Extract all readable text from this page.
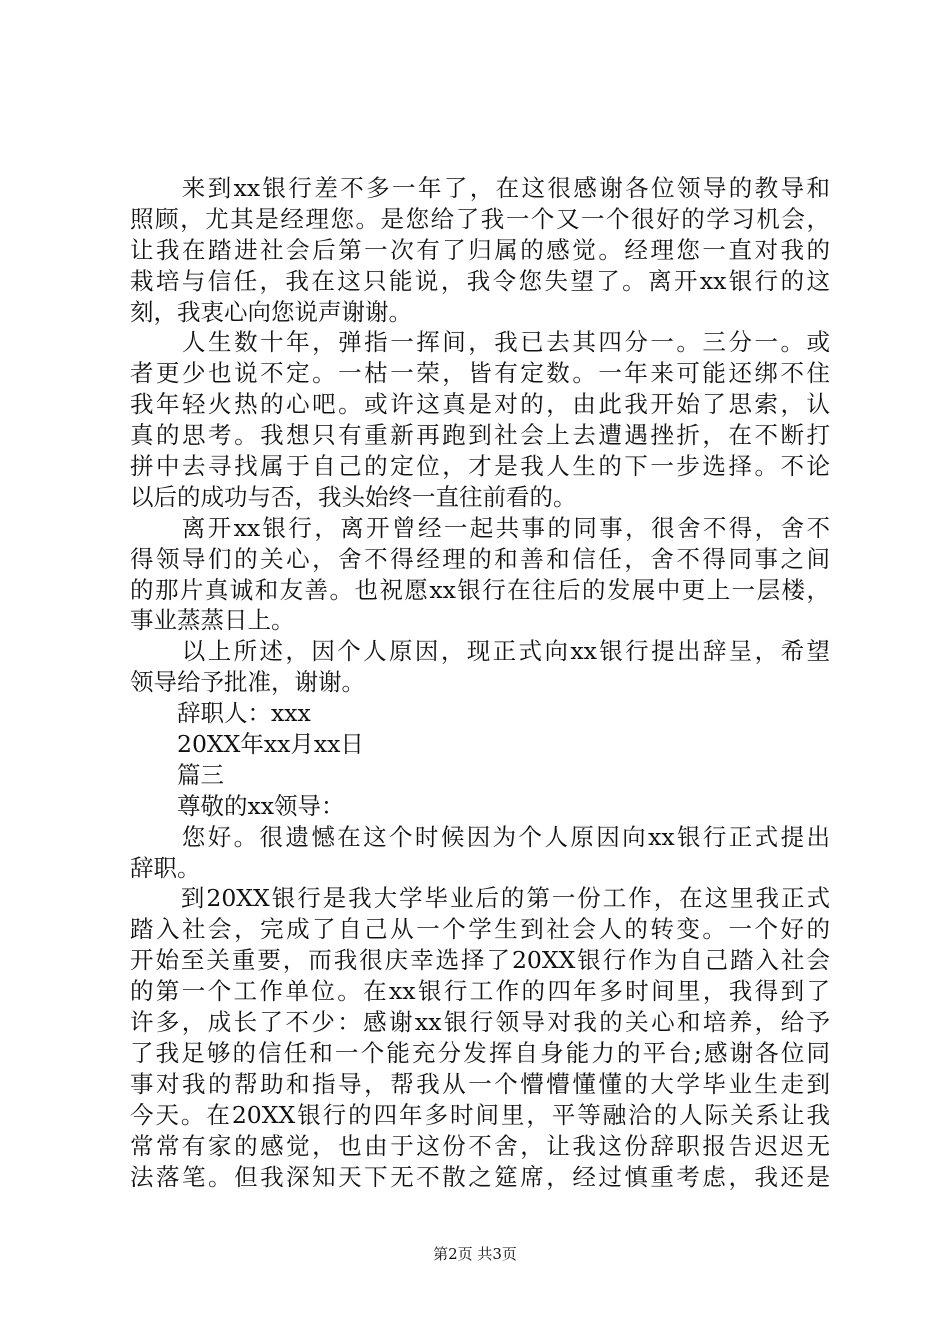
　　来到xx银行差不多一年了，在这很感谢各位领导的教导和
照顾，尤其是经理您。是您给了我一个又一个很好的学习机会，
让我在踏进社会后第一次有了归属的感觉。经理您一直对我的
栽培与信任，我在这只能说，我令您失望了。离开xx银行的这
刻，我衷心向您说声谢谢。
　　人生数十年，弹指一挥间，我已去其四分一。三分一。或
者更少也说不定。一枯一荣，皆有定数。一年来可能还绑不住
我年轻火热的心吧。或许这真是对的，由此我开始了思索，认
真的思考。我想只有重新再跑到社会上去遭遇挫折，在不断打
拼中去寻找属于自己的定位，才是我人生的下一步选择。不论
以后的成功与否，我头始终一直往前看的。
　　离开xx银行，离开曾经一起共事的同事，很舍不得，舍不
得领导们的关心，舍不得经理的和善和信任，舍不得同事之间
的那片真诚和友善。也祝愿xx银行在往后的发展中更上一层楼，
事业蒸蒸日上。
　　以上所述，因个人原因，现正式向xx银行提出辞呈，希望
领导给予批准，谢谢。
　　辞职人：xxx
　　20XX年xx月xx日
　　篇三
　　尊敬的xx领导：
　　您好。很遗憾在这个时候因为个人原因向xx银行正式提出
辞职。
　　到20XX银行是我大学毕业后的第一份工作，在这里我正式
踏入社会，完成了自己从一个学生到社会人的转变。一个好的
开始至关重要，而我很庆幸选择了20XX银行作为自己踏入社会
的第一个工作单位。在xx银行工作的四年多时间里，我得到了
许多，成长了不少：感谢xx银行领导对我的关心和培养，给予
了我足够的信任和一个能充分发挥自身能力的平台;感谢各位同
事对我的帮助和指导，帮我从一个懵懵懂懂的大学毕业生走到
今天。在20XX银行的四年多时间里，平等融洽的人际关系让我
常常有家的感觉，也由于这份不舍，让我这份辞职报告迟迟无
法落笔。但我深知天下无不散之筵席，经过慎重考虑，我还是
第2页 共3页
